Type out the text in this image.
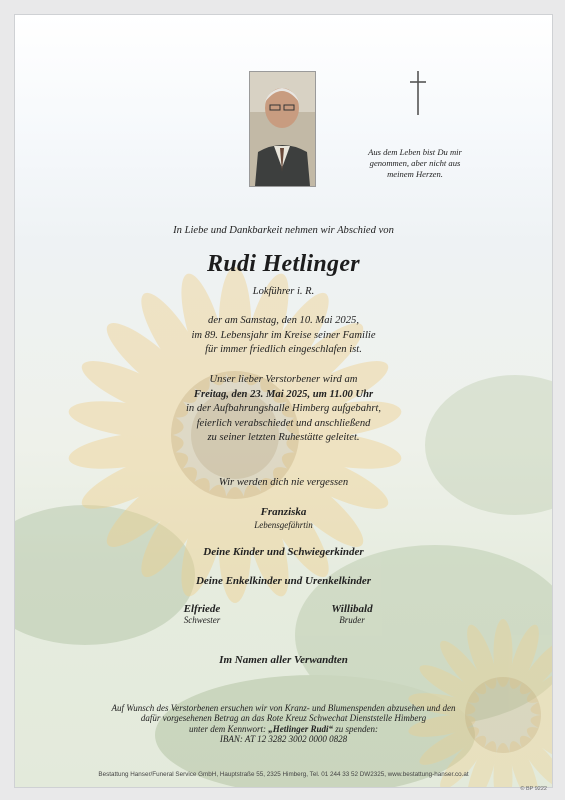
Aus dem Leben bist Du mir
genommen, aber nicht aus
meinem Herzen.
In Liebe und Dankbarkeit nehmen wir Abschied von
Rudi Hetlinger
Lokführer i. R.
der am Samstag, den 10. Mai 2025,
im 89. Lebensjahr im Kreise seiner Familie
für immer friedlich eingeschlafen ist.
Unser lieber Verstorbener wird am
Freitag, den 23. Mai 2025, um 11.00 Uhr
in der Aufbahrungshalle Himberg aufgebahrt,
feierlich verabschiedet und anschließend
zu seiner letzten Ruhestätte geleitet.
Wir werden dich nie vergessen
Franziska
Lebensgefährtin
Deine Kinder und Schwiegerkinder
Deine Enkelkinder und Urenkelkinder
Elfriede
Schwester
Willibald
Bruder
Im Namen aller Verwandten
Auf Wunsch des Verstorbenen ersuchen wir von Kranz- und Blumenspenden abzusehen und den
dafür vorgesehenen Betrag an das Rote Kreuz Schwechat Dienststelle Himberg
unter dem Kennwort: „Hetlinger Rudi“ zu spenden:
IBAN: AT 12 3282 3002 0000 0828
Bestattung Hanser/Funeral Service GmbH, Hauptstraße 55, 2325 Himberg, Tel. 01 244 33 52 DW2325, www.bestattung-hanser.co.at
© BP 9222
